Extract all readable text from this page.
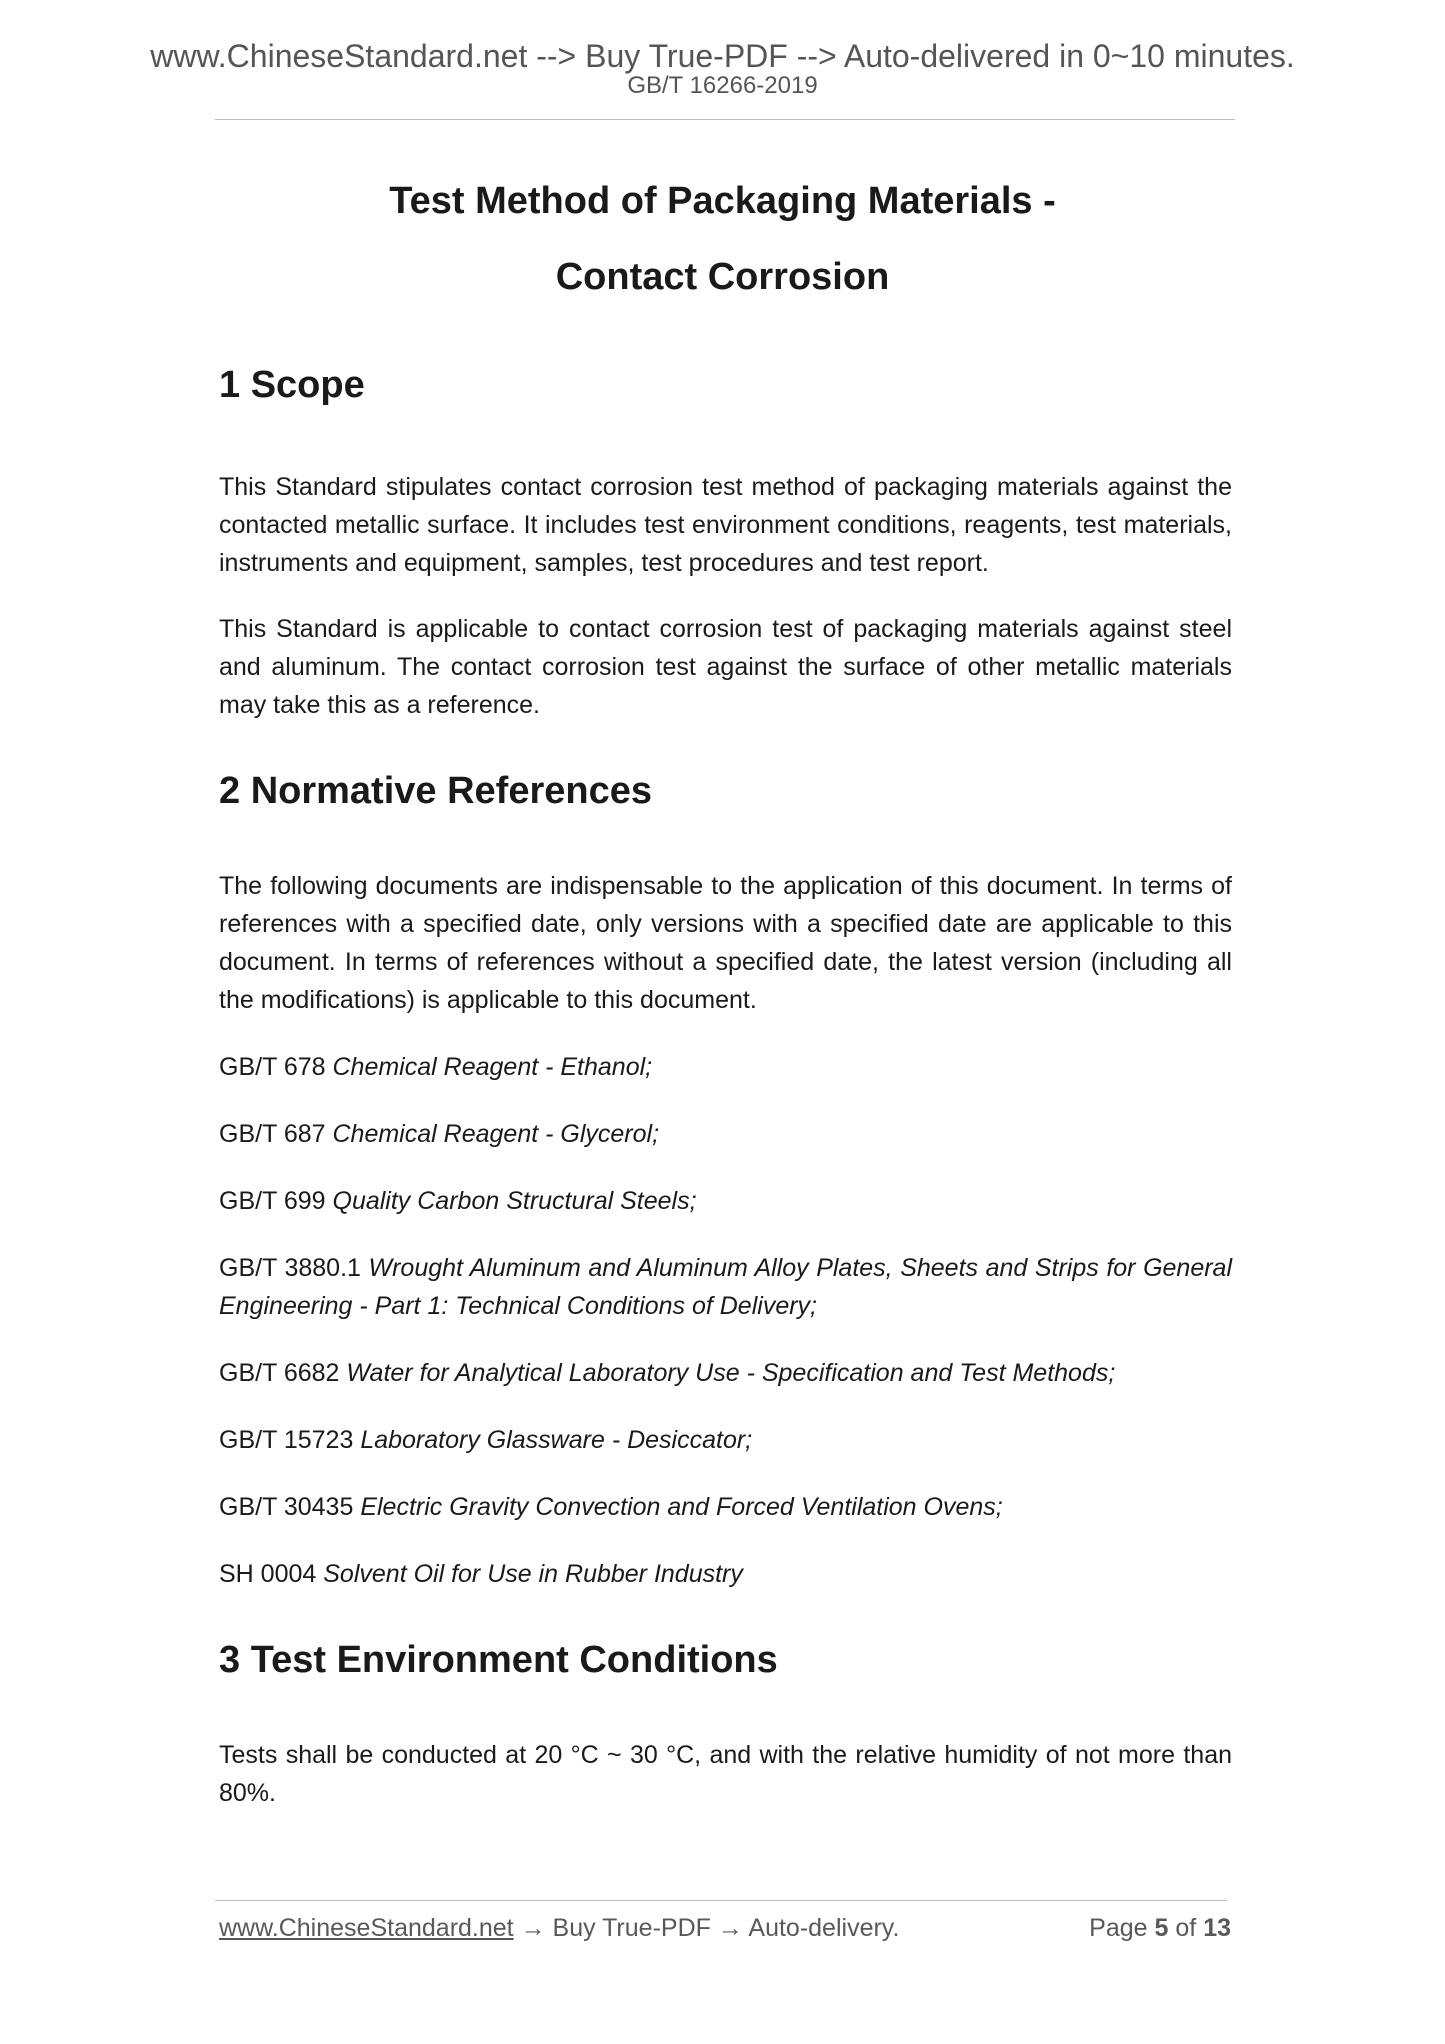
www.ChineseStandard.net --> Buy True-PDF --> Auto-delivered in 0~10 minutes.
GB/T 16266-2019
Test Method of Packaging Materials -
Contact Corrosion
1 Scope

This Standard stipulates contact corrosion test method of packaging materials against the contacted metallic surface. It includes test environment conditions, reagents, test materials, instruments and equipment, samples, test procedures and test report.

This Standard is applicable to contact corrosion test of packaging materials against steel and aluminum. The contact corrosion test against the surface of other metallic materials may take this as a reference.

2 Normative References

The following documents are indispensable to the application of this document. In terms of references with a specified date, only versions with a specified date are applicable to this document. In terms of references without a specified date, the latest version (including all the modifications) is applicable to this document.

GB/T 678 Chemical Reagent - Ethanol;

GB/T 687 Chemical Reagent - Glycerol;

GB/T 699 Quality Carbon Structural Steels;

GB/T 3880.1 Wrought Aluminum and Aluminum Alloy Plates, Sheets and Strips for General Engineering - Part 1: Technical Conditions of Delivery;

GB/T 6682 Water for Analytical Laboratory Use - Specification and Test Methods;

GB/T 15723 Laboratory Glassware - Desiccator;

GB/T 30435 Electric Gravity Convection and Forced Ventilation Ovens;

SH 0004 Solvent Oil for Use in Rubber Industry

3 Test Environment Conditions

Tests shall be conducted at 20 °C ~ 30 °C, and with the relative humidity of not more than 80%.

www.ChineseStandard.net → Buy True-PDF → Auto-delivery.	Page 5 of 13
